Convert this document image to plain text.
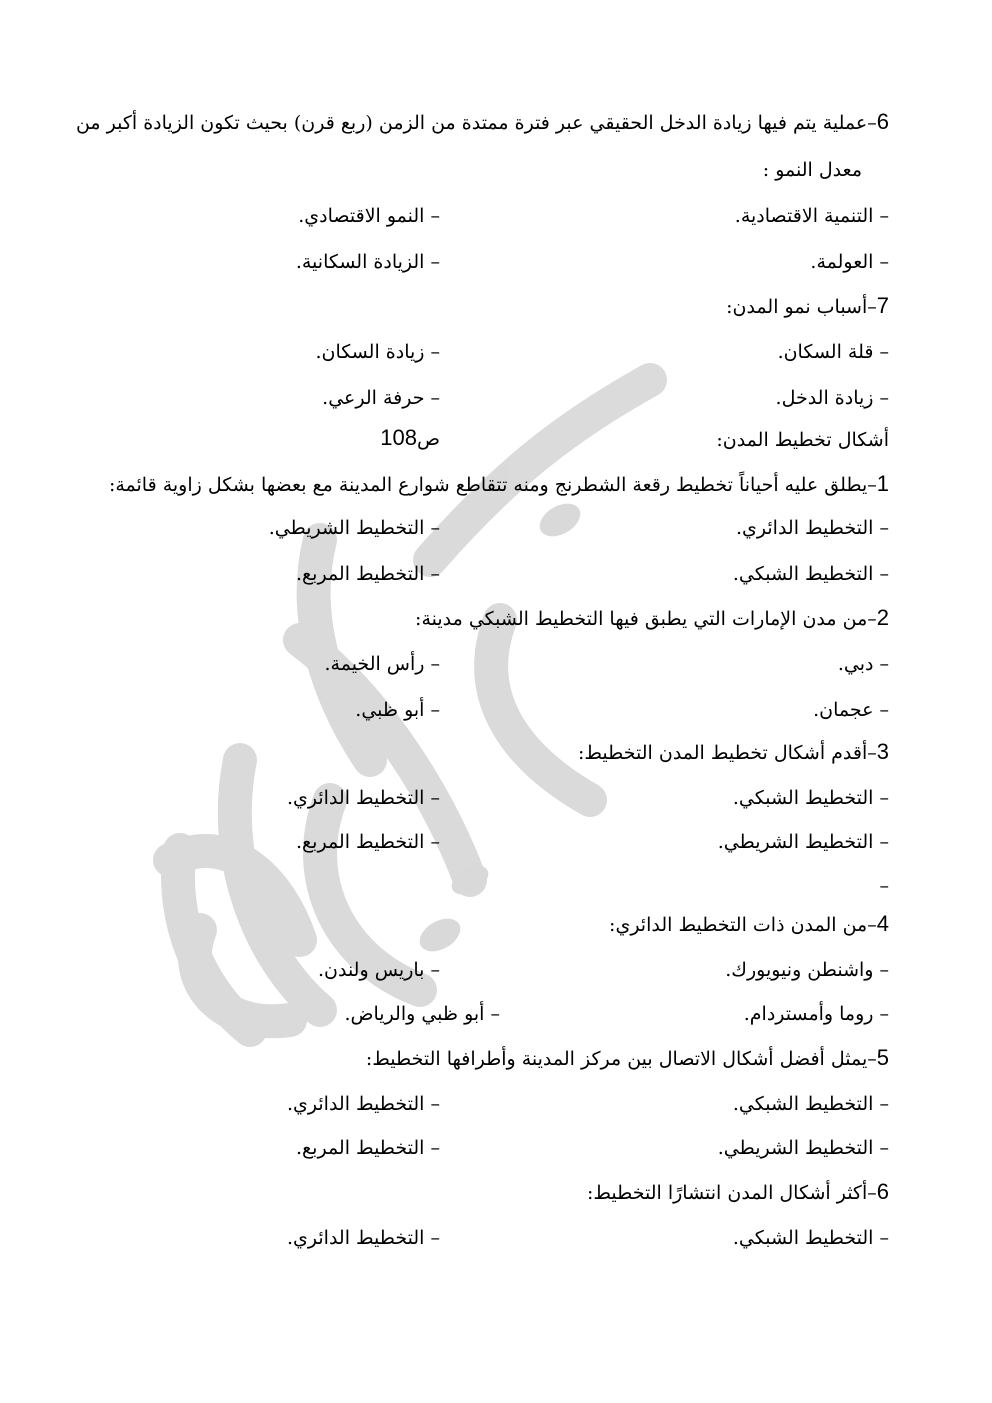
6–عملية يتم فيها زيادة الدخل الحقيقي عبر فترة ممتدة من الزمن (ربع قرن) بحيث تكون الزيادة أكبر من
معدل النمو :
– التنمية الاقتصادية.
– النمو الاقتصادي.
– العولمة.
– الزيادة السكانية.
7–أسباب نمو المدن:
– قلة السكان.
– زيادة السكان.
– زيادة الدخل.
– حرفة الرعي.
أشكال تخطيط المدن:
ص108
1–يطلق عليه أحياناً تخطيط رقعة الشطرنج ومنه تتقاطع شوارع المدينة مع بعضها بشكل زاوية قائمة:
– التخطيط الدائري.
– التخطيط الشريطي.
– التخطيط الشبكي.
– التخطيط المربع.
2–من مدن الإمارات التي يطبق فيها التخطيط الشبكي مدينة:
– دبي.
– رأس الخيمة.
– عجمان.
– أبو ظبي.
3–أقدم أشكال تخطيط المدن التخطيط:
– التخطيط الشبكي.
– التخطيط الدائري.
– التخطيط الشريطي.
– التخطيط المربع.
–
4–من المدن ذات التخطيط الدائري:
– واشنطن ونيويورك.
– باريس ولندن.
– روما وأمستردام.
– أبو ظبي والرياض.
5–يمثل أفضل أشكال الاتصال بين مركز المدينة وأطرافها التخطيط:
– التخطيط الشبكي.
– التخطيط الدائري.
– التخطيط الشريطي.
– التخطيط المربع.
6–أكثر أشكال المدن انتشارًا التخطيط:
– التخطيط الشبكي.
– التخطيط الدائري.
